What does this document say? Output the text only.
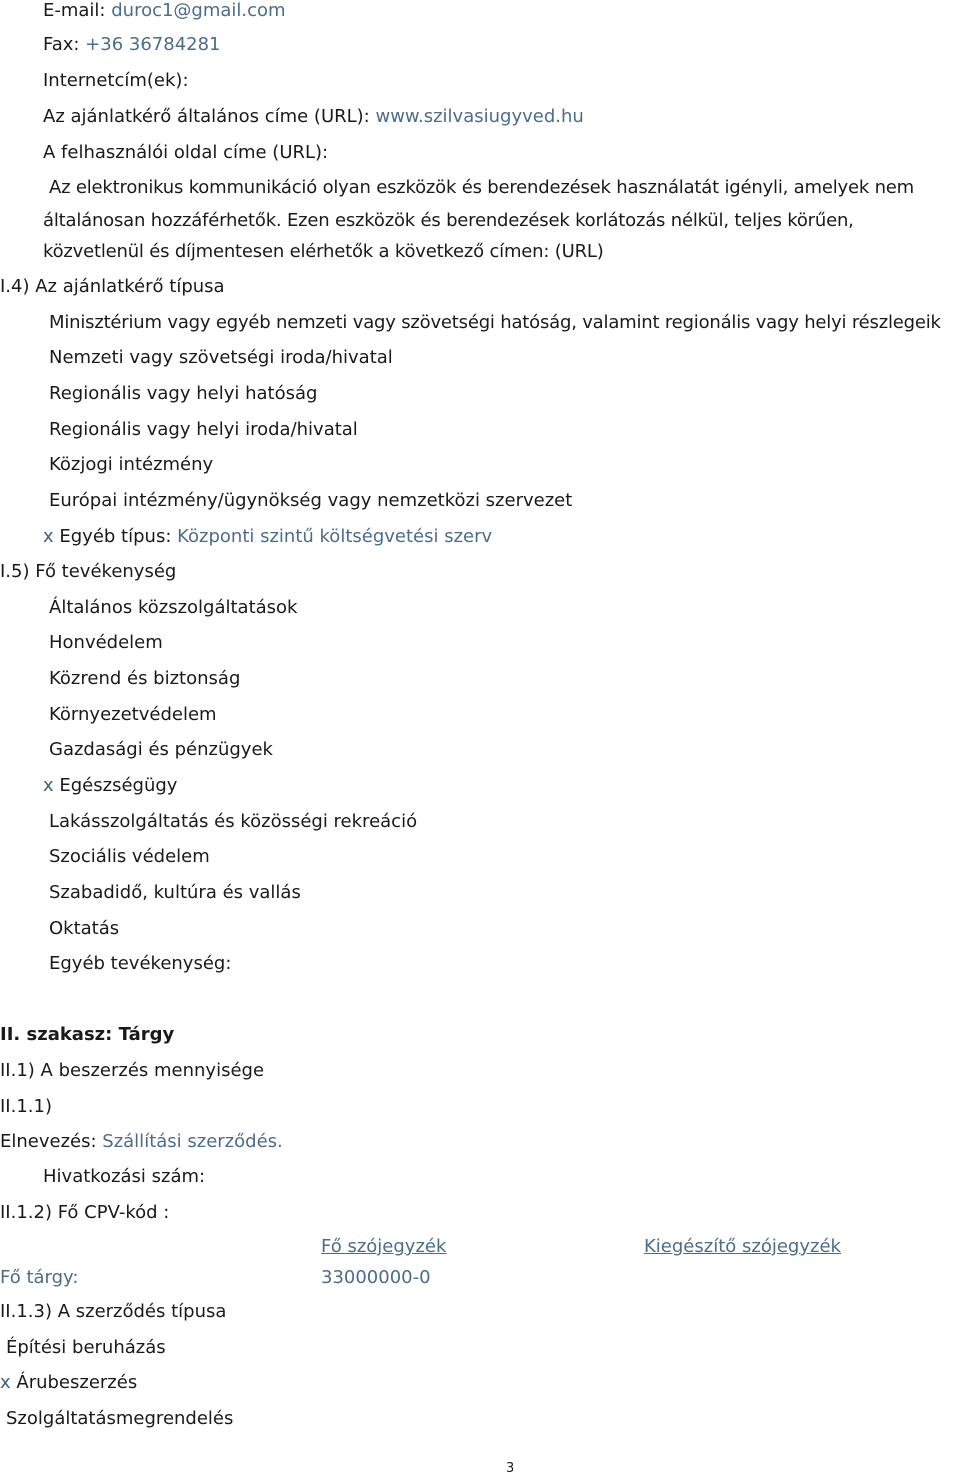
E-mail: duroc1@gmail.com

Fax: +36 36784281

Internetcím(ek):

Az ajánlatkérő általános címe (URL): www.szilvasiugyved.hu

A felhasználói oldal címe (URL):

Az elektronikus kommunikáció olyan eszközök és berendezések használatát igényli, amelyek nem

általánosan hozzáférhetők. Ezen eszközök és berendezések korlátozás nélkül, teljes körűen,

közvetlenül és díjmentesen elérhetők a következő címen: (URL)

I.4) Az ajánlatkérő típusa

Minisztérium vagy egyéb nemzeti vagy szövetségi hatóság, valamint regionális vagy helyi részlegeik

Nemzeti vagy szövetségi iroda/hivatal

Regionális vagy helyi hatóság

Regionális vagy helyi iroda/hivatal

Közjogi intézmény

Európai intézmény/ügynökség vagy nemzetközi szervezet

x Egyéb típus: Központi szintű költségvetési szerv

I.5) Fő tevékenység

Általános közszolgáltatások

Honvédelem

Közrend és biztonság

Környezetvédelem

Gazdasági és pénzügyek

x Egészségügy

Lakásszolgáltatás és közösségi rekreáció

Szociális védelem

Szabadidő, kultúra és vallás

Oktatás

Egyéb tevékenység:

II. szakasz: Tárgy

II.1) A beszerzés mennyisége

II.1.1)

Elnevezés: Szállítási szerződés.

Hivatkozási szám:

II.1.2) Fő CPV-kód :

Fő szójegyzék	Kiegészítő szójegyzék

Fő tárgy:	33000000-0

II.1.3) A szerződés típusa

Építési beruházás

x Árubeszerzés

Szolgáltatásmegrendelés

3
